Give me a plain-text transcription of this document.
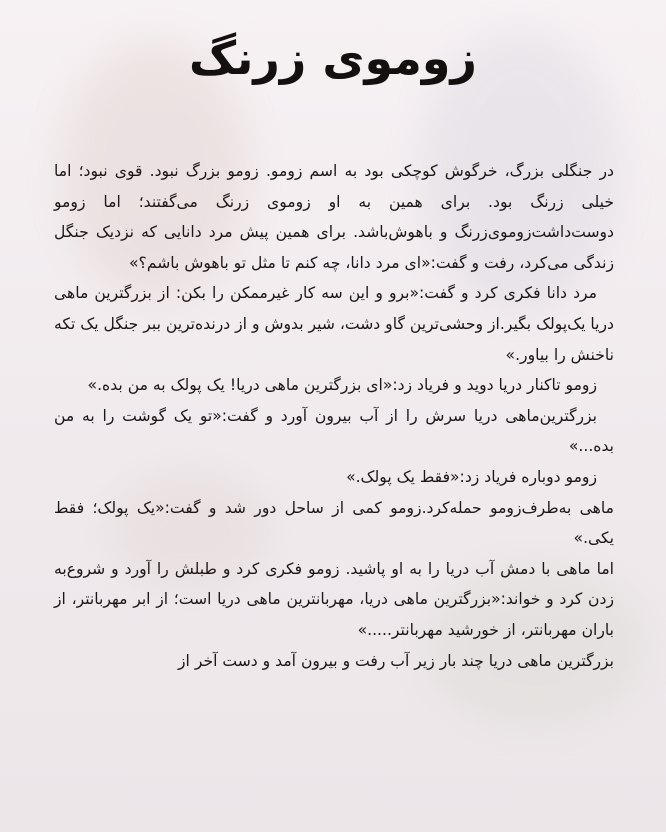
زوموی زرنگ

در جنگلی بزرگ، خرگوش کوچکی بود به اسم زومو. زومو بزرگ نبود. قوی نبود؛ اما خیلی زرنگ بود. برای همین به او زوموی زرنگ می‌گفتند؛ اما زومو دوست‌داشت‌زوموی‌زرنگ و باهوش‌باشد. برای همین پیش مرد دانایی که نزدیک جنگل زندگی می‌کرد، رفت و گفت:«ای مرد دانا، چه کنم تا مثل تو باهوش باشم؟»

مرد دانا فکری کرد و گفت:«برو و این سه کار غیرممکن را بکن: از بزرگترین ماهی دریا یک‌پولک بگیر.از وحشی‌ترین گاو دشت، شیر بدوش و از درنده‌ترین ببر جنگل یک تکه ناخنش را بیاور.»

زومو تاکنار دریا دوید و فریاد زد:«ای بزرگترین ماهی دریا! یک پولک به من بده.»

بزرگترین‌ماهی دریا سرش را از آب بیرون آورد و گفت:«تو یک گوشت را به من بده...»

زومو دوباره فریاد زد:«فقط یک پولک.»

ماهی به‌طرف‌زومو حمله‌کرد.زومو کمی از ساحل دور شد و گفت:«یک پولک؛ فقط یکی.»

اما ماهی با دمش آب دریا را به او پاشید. زومو فکری کرد و طبلش را آورد و شروع‌به زدن کرد و خواند:«بزرگترین ماهی دریا، مهربانترین ماهی دریا است؛ از ابر مهربانتر، از باران مهربانتر، از خورشید مهربانتر.....»

بزرگترین ماهی دریا چند بار زیر آب رفت و بیرون آمد و دست آخر از
